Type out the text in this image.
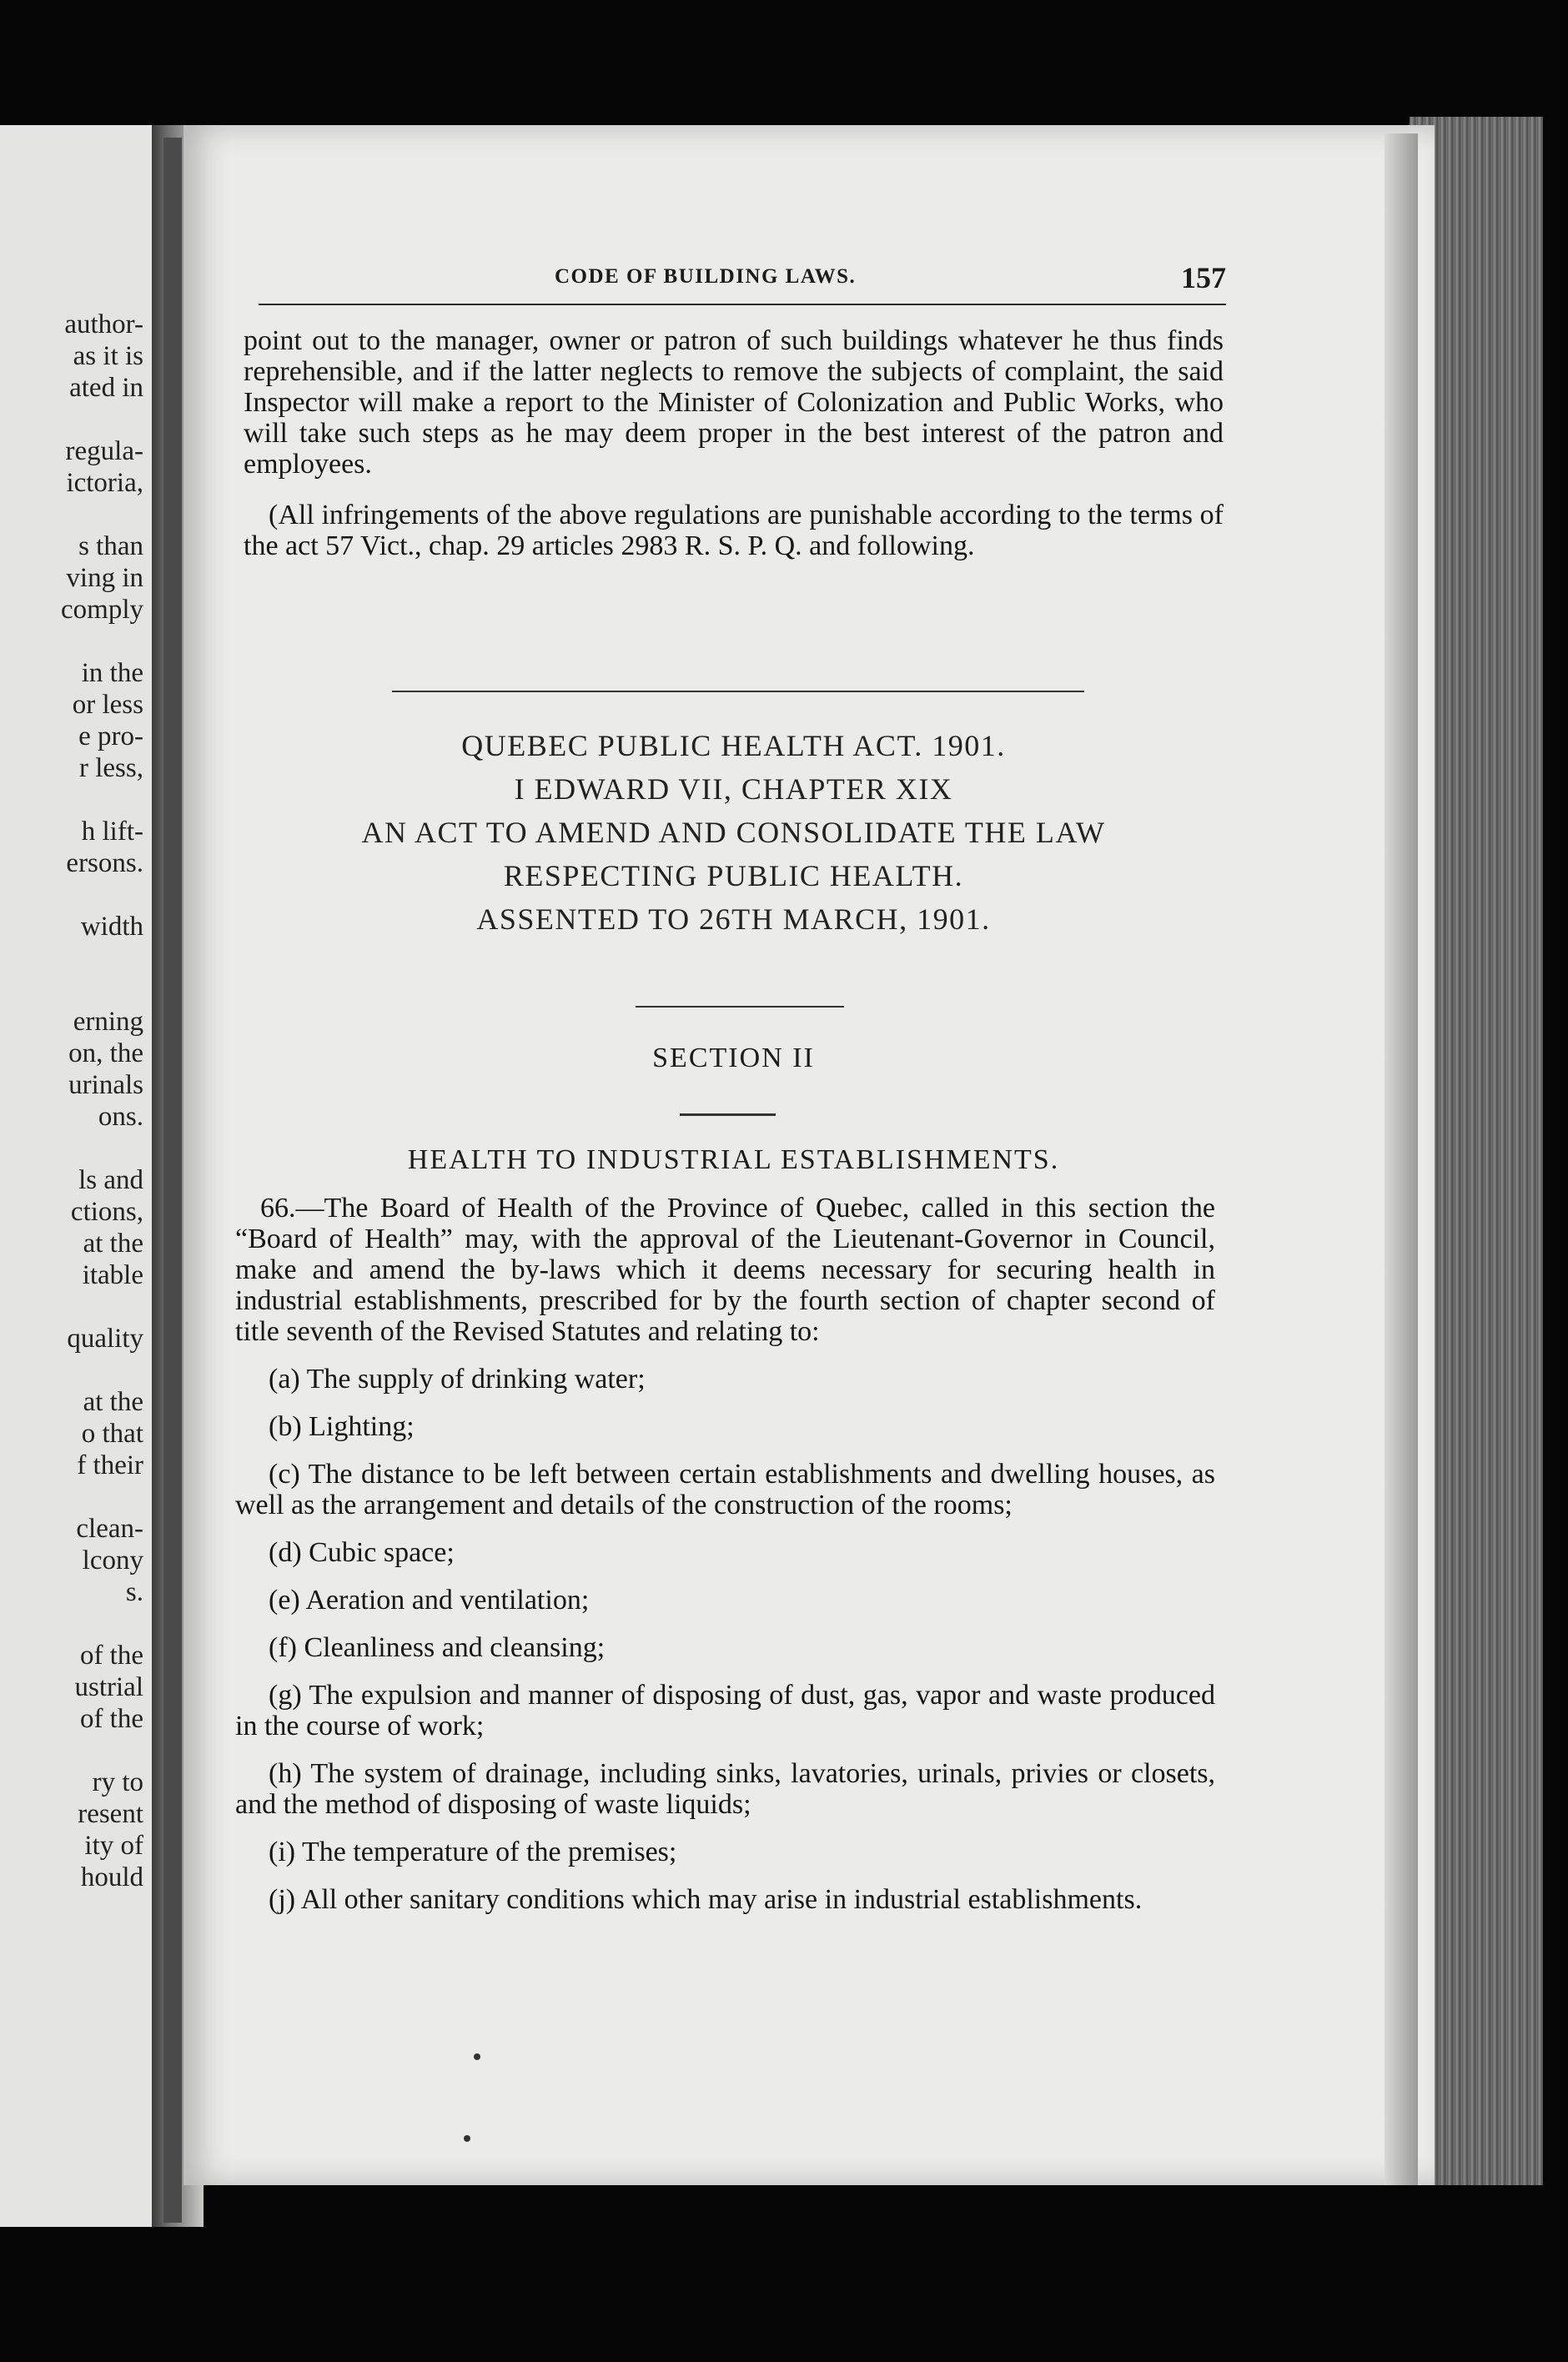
author-
as it is
ated in

regula-
ictoria,

s than
ving in
comply

in the
or less
e pro-
r less,

h lift-
ersons.

width

erning
on, the
urinals
ons.

ls and
ctions,
at the
itable

quality

at the
o that
f their

clean-
lcony
s.

of the
ustrial
of the

ry to
resent
ity of
hould
CODE OF BUILDING LAWS.	157

point out to the manager, owner or patron of such buildings whatever he thus finds reprehensible, and if the latter neglects to remove the subjects of complaint, the said Inspector will make a report to the Minister of Colonization and Public Works, who will take such steps as he may deem proper in the best interest of the patron and employees.

(All infringements of the above regulations are punishable according to the terms of the act 57 Vict., chap. 29 articles 2983 R. S. P. Q. and following.

QUEBEC PUBLIC HEALTH ACT. 1901.
I EDWARD VII, CHAPTER XIX
AN ACT TO AMEND AND CONSOLIDATE THE LAW
RESPECTING PUBLIC HEALTH.
ASSENTED TO 26TH MARCH, 1901.
SECTION II
HEALTH TO INDUSTRIAL ESTABLISHMENTS.

66.—The Board of Health of the Province of Quebec, called in this section the “Board of Health” may, with the approval of the Lieutenant-Governor in Council, make and amend the by-laws which it deems necessary for securing health in industrial establishments, prescribed for by the fourth section of chapter second of title seventh of the Revised Statutes and relating to:

(a) The supply of drinking water;

(b) Lighting;

(c) The distance to be left between certain establishments and dwelling houses, as well as the arrangement and details of the construction of the rooms;

(d) Cubic space;

(e) Aeration and ventilation;

(f) Cleanliness and cleansing;

(g) The expulsion and manner of disposing of dust, gas, vapor and waste produced in the course of work;

(h) The system of drainage, including sinks, lavatories, urinals, privies or closets, and the method of disposing of waste liquids;

(i) The temperature of the premises;

(j) All other sanitary conditions which may arise in industrial establishments.
